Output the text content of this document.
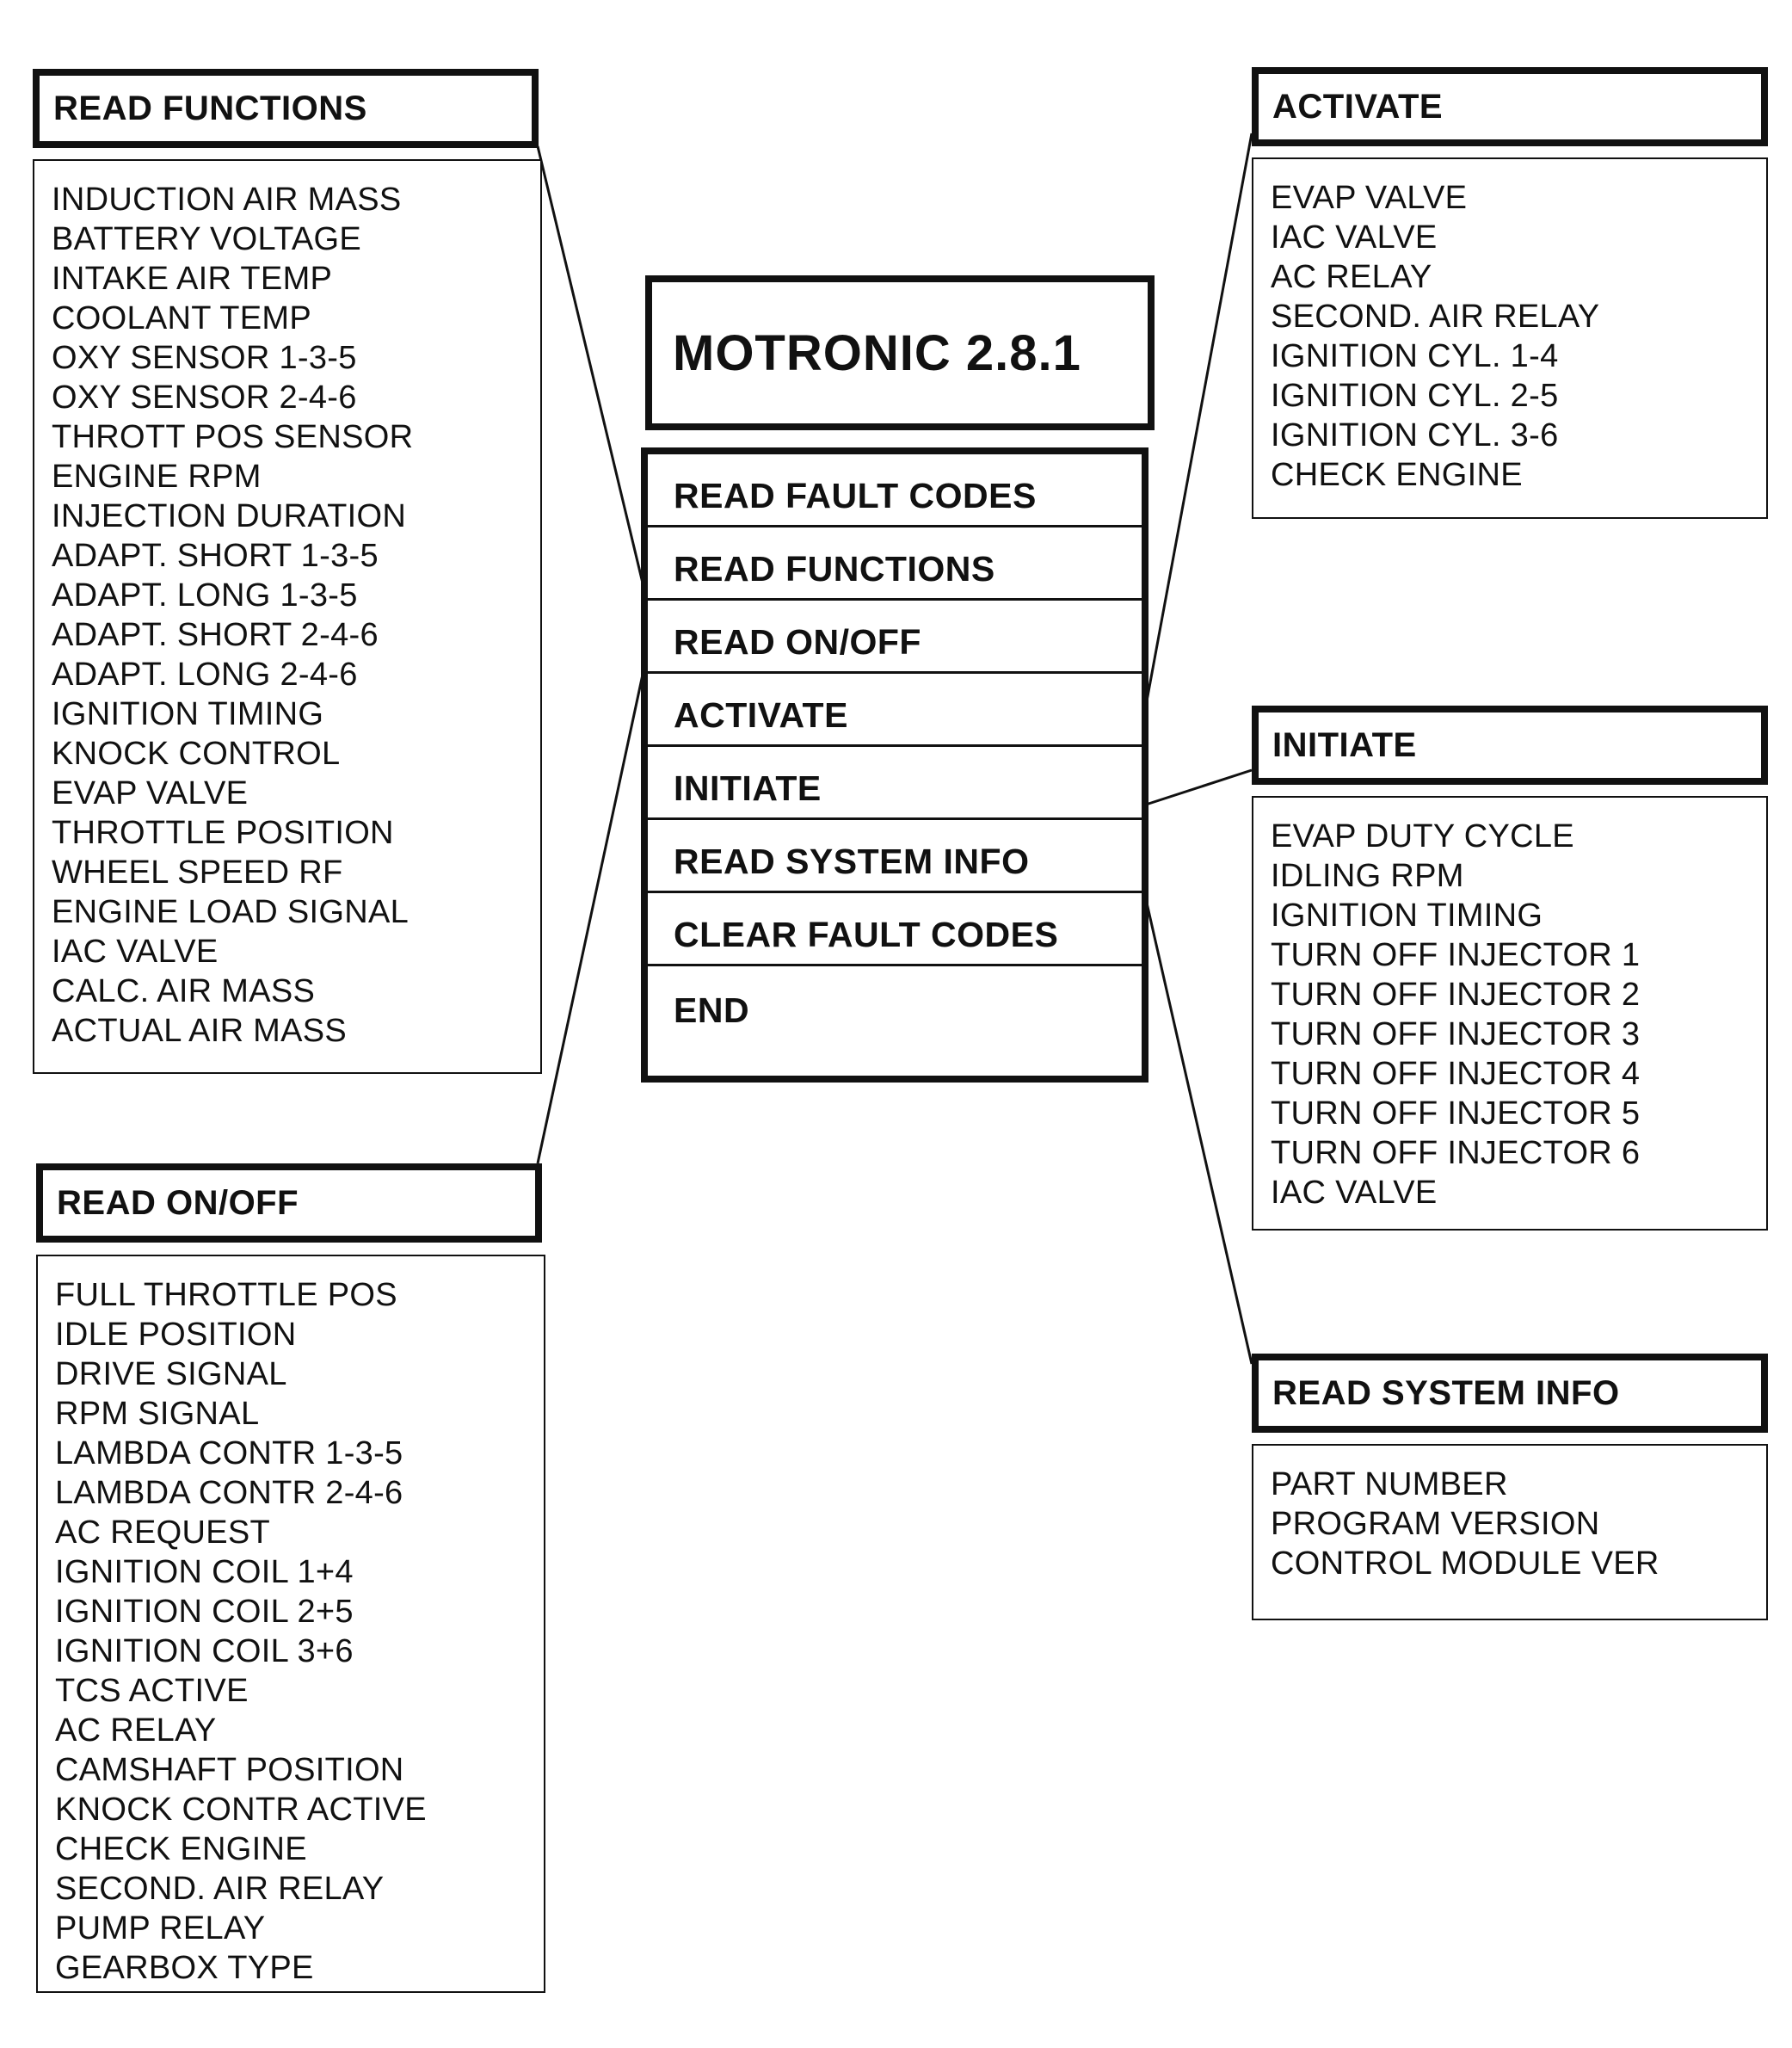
READ FUNCTIONS
INDUCTION AIR MASS
BATTERY VOLTAGE
INTAKE AIR TEMP
COOLANT TEMP
OXY SENSOR 1-3-5
OXY SENSOR 2-4-6
THROTT POS SENSOR
ENGINE RPM
INJECTION DURATION
ADAPT. SHORT 1-3-5
ADAPT. LONG 1-3-5
ADAPT. SHORT 2-4-6
ADAPT. LONG 2-4-6
IGNITION TIMING
KNOCK CONTROL
EVAP VALVE
THROTTLE POSITION
WHEEL SPEED RF
ENGINE LOAD SIGNAL
IAC VALVE
CALC. AIR MASS
ACTUAL AIR MASS
READ ON/OFF
FULL THROTTLE POS
IDLE POSITION
DRIVE SIGNAL
RPM SIGNAL
LAMBDA CONTR 1-3-5
LAMBDA CONTR 2-4-6
AC REQUEST
IGNITION COIL 1+4
IGNITION COIL 2+5
IGNITION COIL 3+6
TCS ACTIVE
AC RELAY
CAMSHAFT POSITION
KNOCK CONTR ACTIVE
CHECK ENGINE
SECOND. AIR RELAY
PUMP RELAY
GEARBOX TYPE
MOTRONIC 2.8.1
READ FAULT CODES
READ FUNCTIONS
READ ON/OFF
ACTIVATE
INITIATE
READ SYSTEM INFO
CLEAR FAULT CODES
END
ACTIVATE
EVAP VALVE
IAC VALVE
AC RELAY
SECOND. AIR RELAY
IGNITION CYL. 1-4
IGNITION CYL. 2-5
IGNITION CYL. 3-6
CHECK ENGINE
INITIATE
EVAP DUTY CYCLE
IDLING RPM
IGNITION TIMING
TURN OFF INJECTOR 1
TURN OFF INJECTOR 2
TURN OFF INJECTOR 3
TURN OFF INJECTOR 4
TURN OFF INJECTOR 5
TURN OFF INJECTOR 6
IAC VALVE
READ SYSTEM INFO
PART NUMBER
PROGRAM VERSION
CONTROL MODULE VER
